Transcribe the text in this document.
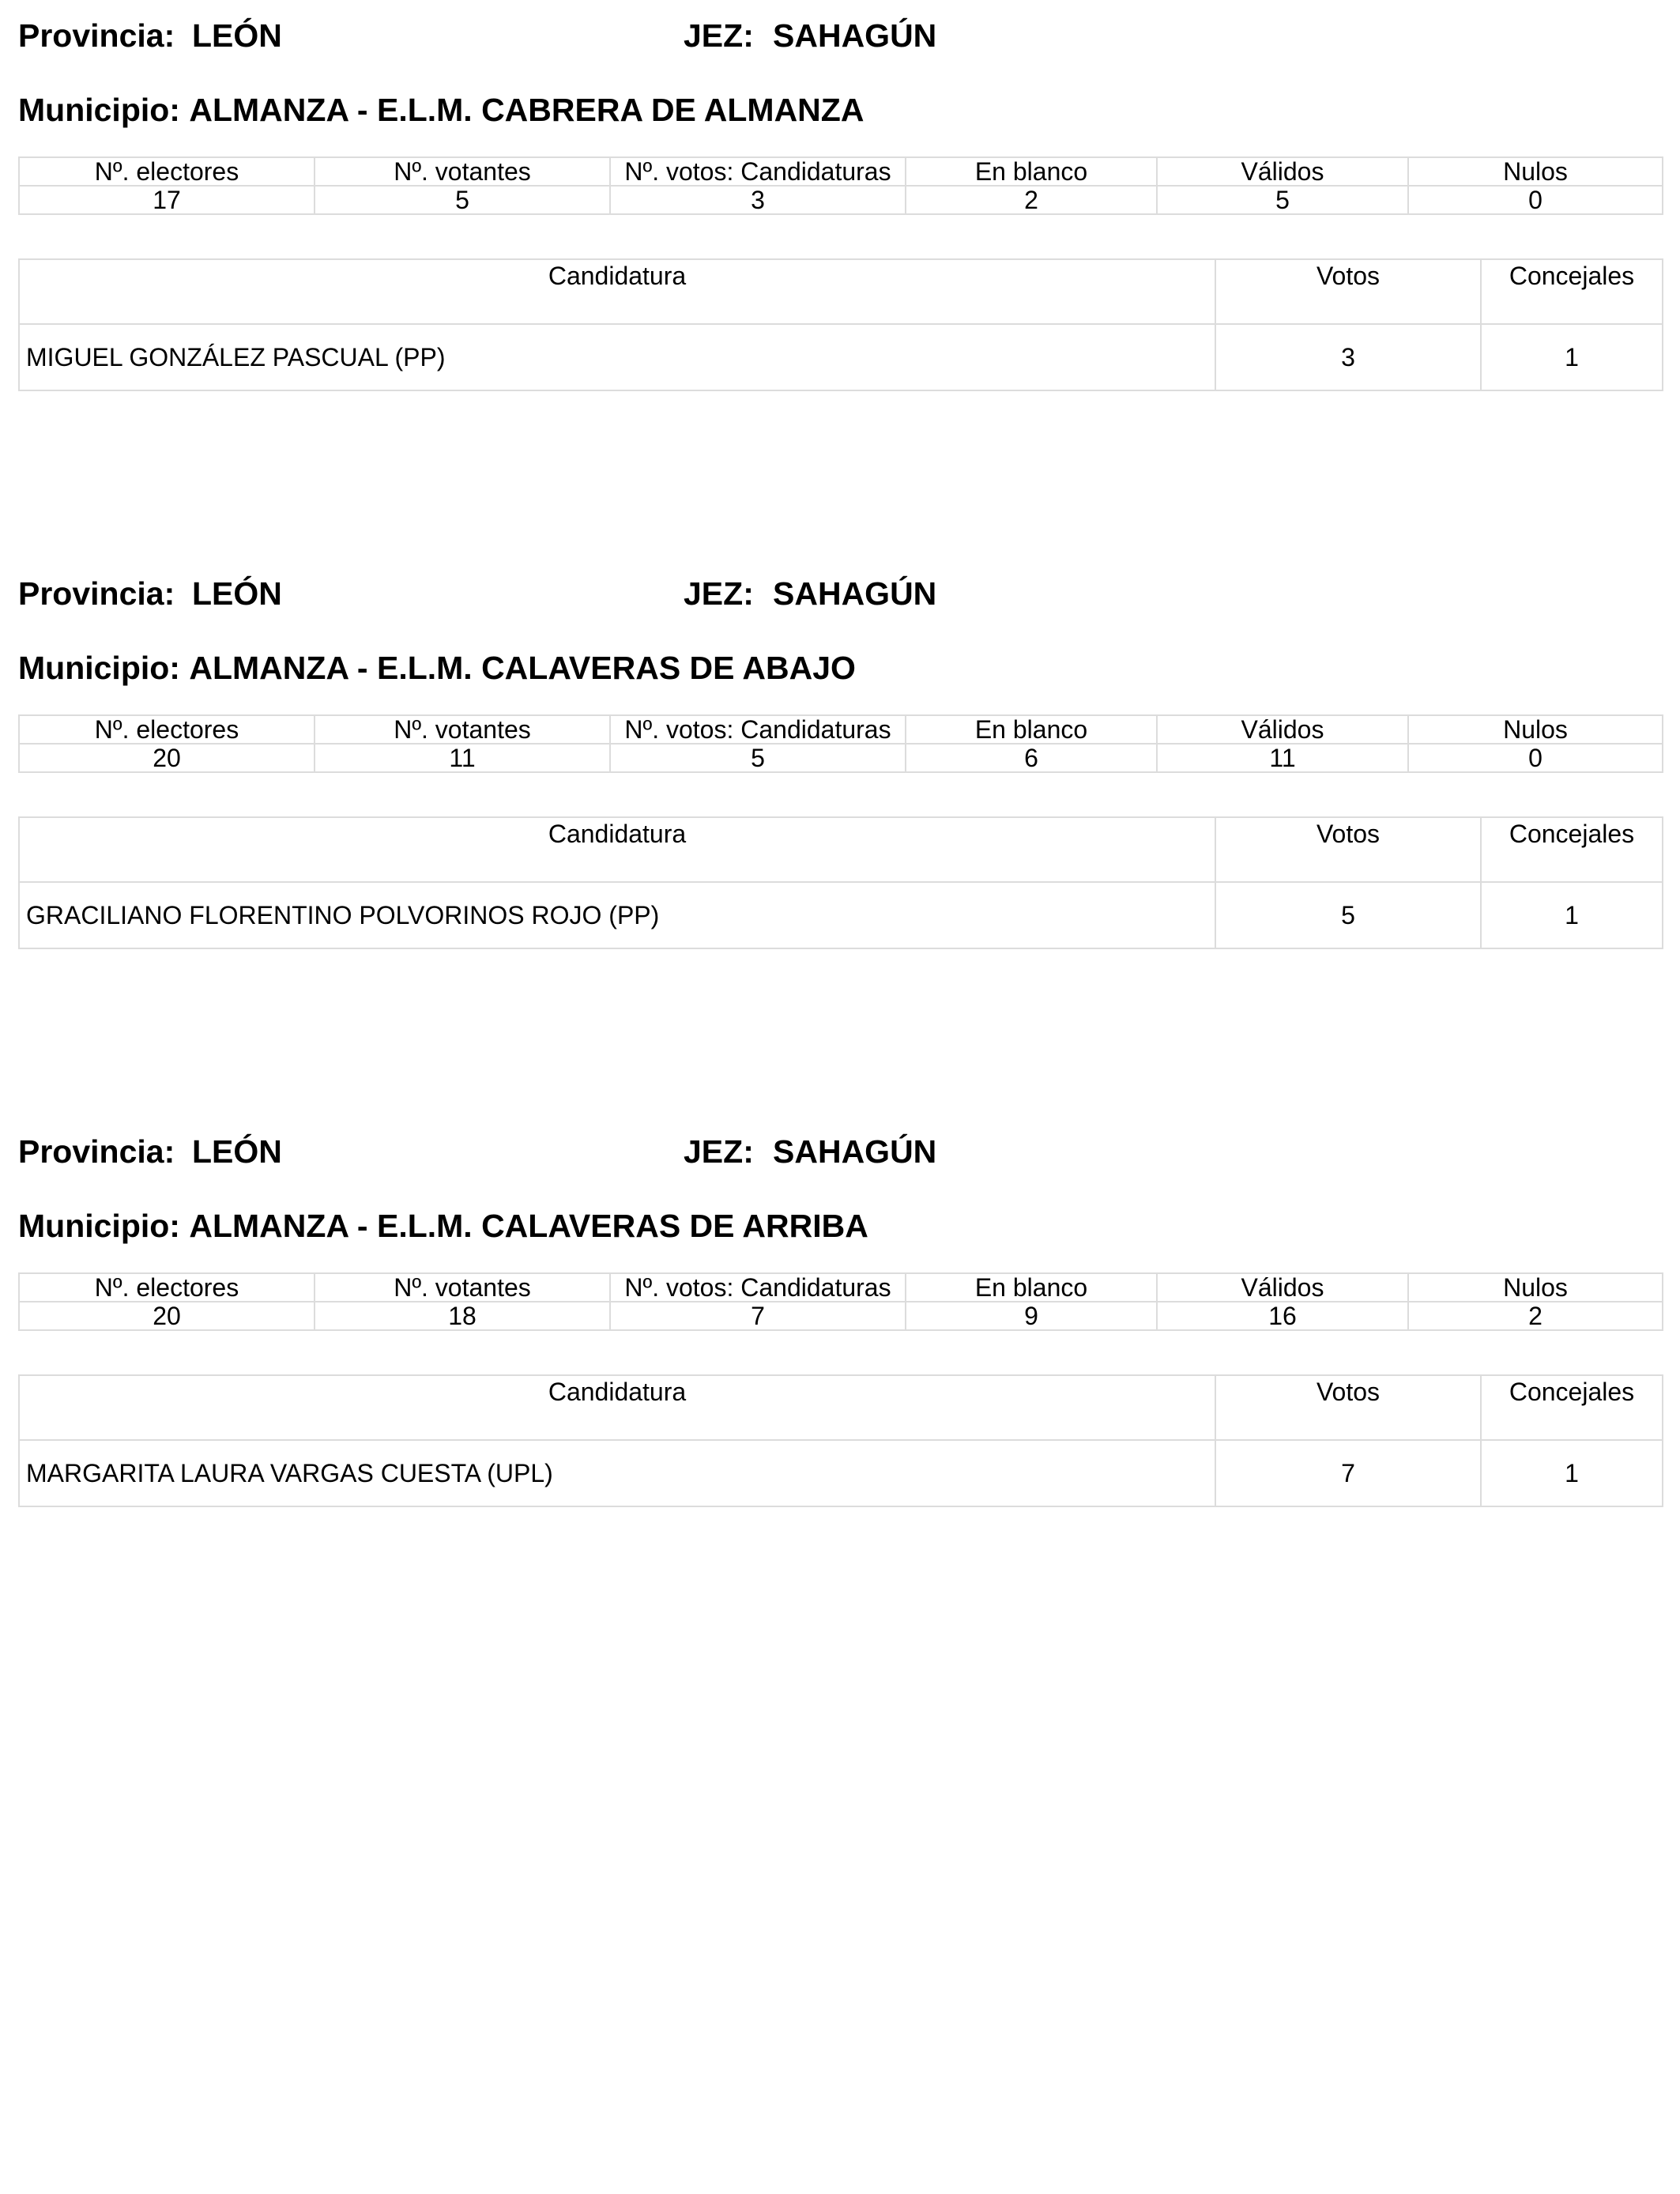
Provincia: LEÓN	JEZ: SAHAGÚN
Municipio: ALMANZA - E.L.M. CABRERA DE ALMANZA
Nº. electores	Nº. votantes	Nº. votos: Candidaturas	En blanco	Válidos	Nulos
17	5	3	2	5	0
Candidatura	Votos	Concejales
MIGUEL GONZÁLEZ PASCUAL (PP)	3	1
Provincia: LEÓN	JEZ: SAHAGÚN
Municipio: ALMANZA - E.L.M. CALAVERAS DE ABAJO
Nº. electores	Nº. votantes	Nº. votos: Candidaturas	En blanco	Válidos	Nulos
20	11	5	6	11	0
Candidatura	Votos	Concejales
GRACILIANO FLORENTINO POLVORINOS ROJO (PP)	5	1
Provincia: LEÓN	JEZ: SAHAGÚN
Municipio: ALMANZA - E.L.M. CALAVERAS DE ARRIBA
Nº. electores	Nº. votantes	Nº. votos: Candidaturas	En blanco	Válidos	Nulos
20	18	7	9	16	2
Candidatura	Votos	Concejales
MARGARITA LAURA VARGAS CUESTA (UPL)	7	1
